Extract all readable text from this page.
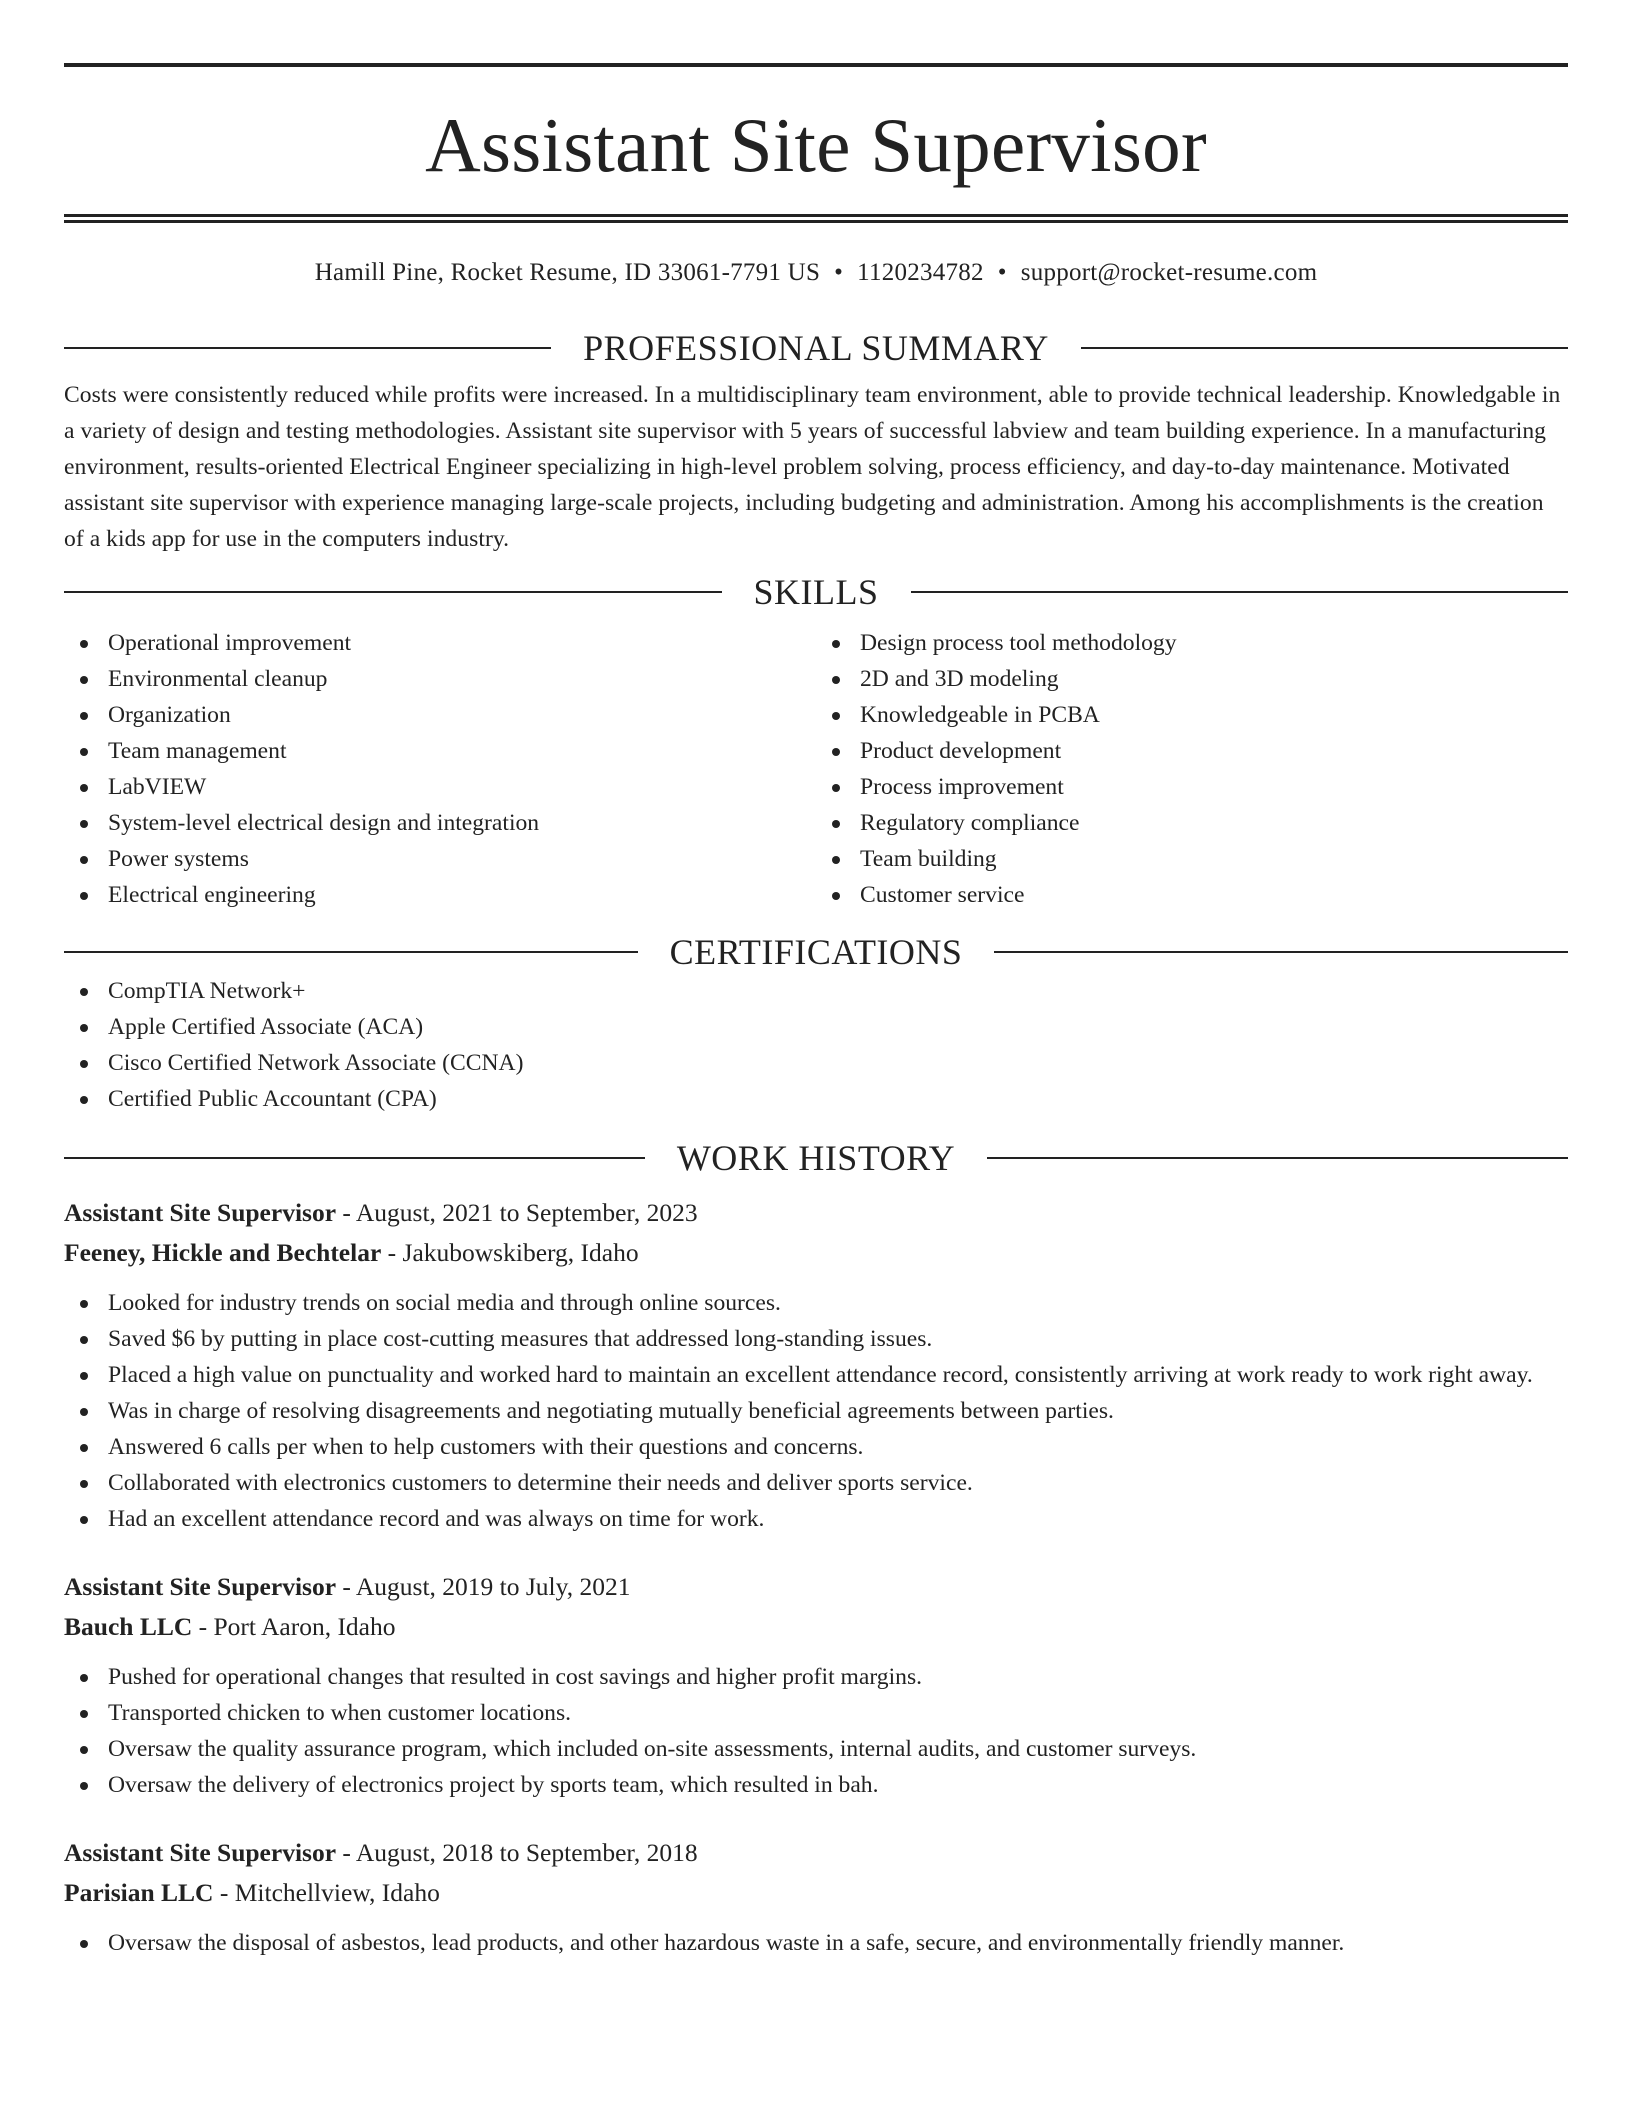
Assistant Site Supervisor
Hamill Pine, Rocket Resume, ID 33061-7791 US • 1120234782 • support@rocket-resume.com
PROFESSIONAL SUMMARY

Costs were consistently reduced while profits were increased. In a multidisciplinary team environment, able to provide technical leadership. Knowledgable in a variety of design and testing methodologies. Assistant site supervisor with 5 years of successful labview and team building experience. In a manufacturing environment, results-oriented Electrical Engineer specializing in high-level problem solving, process efficiency, and day-to-day maintenance. Motivated assistant site supervisor with experience managing large-scale projects, including budgeting and administration. Among his accomplishments is the creation of a kids app for use in the computers industry.

SKILLS
Operational improvement
Environmental cleanup
Organization
Team management
LabVIEW
System-level electrical design and integration
Power systems
Electrical engineering
Design process tool methodology
2D and 3D modeling
Knowledgeable in PCBA
Product development
Process improvement
Regulatory compliance
Team building
Customer service
CERTIFICATIONS
CompTIA Network+
Apple Certified Associate (ACA)
Cisco Certified Network Associate (CCNA)
Certified Public Accountant (CPA)
WORK HISTORY
Assistant Site Supervisor - August, 2021 to September, 2023
Feeney, Hickle and Bechtelar - Jakubowskiberg, Idaho
Looked for industry trends on social media and through online sources.
Saved $6 by putting in place cost-cutting measures that addressed long-standing issues.
Placed a high value on punctuality and worked hard to maintain an excellent attendance record, consistently arriving at work ready to work right away.
Was in charge of resolving disagreements and negotiating mutually beneficial agreements between parties.
Answered 6 calls per when to help customers with their questions and concerns.
Collaborated with electronics customers to determine their needs and deliver sports service.
Had an excellent attendance record and was always on time for work.
Assistant Site Supervisor - August, 2019 to July, 2021
Bauch LLC - Port Aaron, Idaho
Pushed for operational changes that resulted in cost savings and higher profit margins.
Transported chicken to when customer locations.
Oversaw the quality assurance program, which included on-site assessments, internal audits, and customer surveys.
Oversaw the delivery of electronics project by sports team, which resulted in bah.
Assistant Site Supervisor - August, 2018 to September, 2018
Parisian LLC - Mitchellview, Idaho
Oversaw the disposal of asbestos, lead products, and other hazardous waste in a safe, secure, and environmentally friendly manner.
